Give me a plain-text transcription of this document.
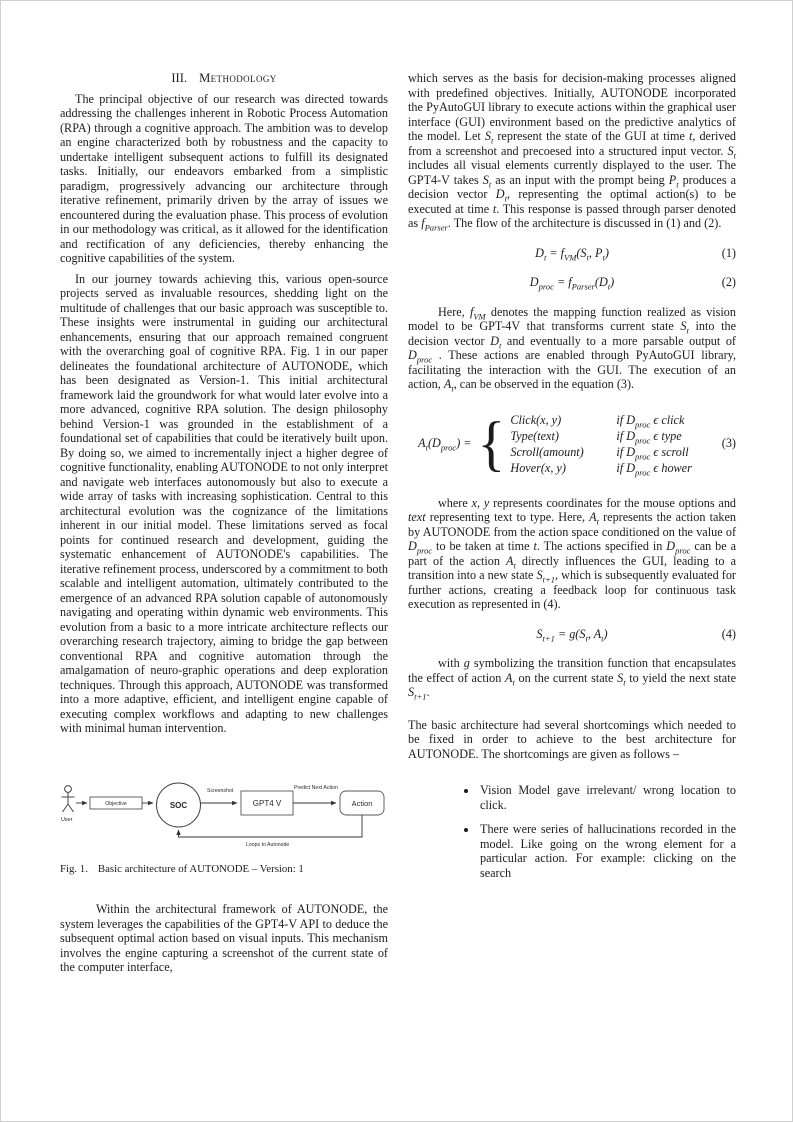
III. Methodology

The principal objective of our research was directed towards addressing the challenges inherent in Robotic Process Automation (RPA) through a cognitive approach. The ambition was to develop an engine characterized both by robustness and the capacity to undertake intelligent subsequent actions to fulfill its designated tasks. Initially, our endeavors embarked from a simplistic paradigm, progressively advancing our architecture through iterative refinement, primarily driven by the array of issues we encountered during the evaluation phase. This process of evolution in our methodology was critical, as it allowed for the identification and rectification of any deficiencies, thereby enhancing the cognitive capabilities of the system.

In our journey towards achieving this, various open-source projects served as invaluable resources, shedding light on the multitude of challenges that our basic approach was susceptible to. These insights were instrumental in guiding our architectural enhancements, ensuring that our approach remained congruent with the overarching goal of cognitive RPA. Fig. 1 in our paper delineates the foundational architecture of AUTONODE, which has been designated as Version-1. This initial architectural framework laid the groundwork for what would later evolve into a more advanced, cognitive RPA solution. The design philosophy behind Version-1 was grounded in the establishment of a foundational set of capabilities that could be iteratively built upon. By doing so, we aimed to incrementally inject a higher degree of cognitive functionality, enabling AUTONODE to not only interpret and navigate web interfaces autonomously but also to execute a wide array of tasks with increasing sophistication. Central to this architectural evolution was the cognizance of the limitations inherent in our initial model. These limitations served as focal points for continued research and development, guiding the systematic enhancement of AUTONODE's capabilities. The iterative refinement process, underscored by a commitment to both scalable and intelligent automation, ultimately contributed to the emergence of an advanced RPA solution capable of autonomously navigating and operating within dynamic web environments. This evolution from a basic to a more intricate architecture reflects our overarching research trajectory, aiming to bridge the gap between conventional RPA and cognitive automation through the amalgamation of neuro-graphic operations and deep exploration techniques. Through this approach, AUTONODE was transformed into a more adaptive, efficient, and intelligent engine capable of executing complex workflows and adapting to new challenges with minimal human intervention.

User
Objective	SOC
Screenshot
GPT4 V
Predict Next Action
Action
Loops to Autonode

Fig. 1. Basic architecture of AUTONODE – Version: 1

Within the architectural framework of AUTONODE, the system leverages the capabilities of the GPT4-V API to deduce the subsequent optimal action based on visual inputs. This mechanism involves the engine capturing a screenshot of the current state of the computer interface,

which serves as the basis for decision-making processes aligned with predefined objectives. Initially, AUTONODE incorporated the PyAutoGUI library to execute actions within the graphical user interface (GUI) environment based on the predictive analytics of the model. Let $S_t$ represent the state of the GUI at time t, derived from a screenshot and precoesed into a structured input vector. $S_t$ includes all visual elements currently displayed to the user. The GPT4-V takes $S_t$ as an input with the prompt being $P_t$ produces a decision vector $D_t$, representing the optimal action(s) to be executed at time t. This response is passed through parser denoted as $f_{Parser}$. The flow of the architecture is discussed in (1) and (2).

$D_t = f_{VM}(S_t$, $P_t$)	(1)
$D_{proc} = f_{Parser}(D_t)$	(2)

Here, $f_{VM}$ denotes the mapping function realized as vision model to be GPT-4V that transforms current state $S_t$ into the decision vector $D_t$ and eventually to a more parsable output of $D_{proc}$ . These actions are enabled through PyAutoGUI library, facilitating the interaction with the GUI. The execution of an action, $A_t$, can be observed in the equation (3).

$A_t(D_{proc})$ = { Click(x, y)	if $D_{proc}$ ϵ click
Type(text)	if $D_{proc}$ ϵ type
Scroll(amount)	if $D_{proc}$ ϵ scroll
Hover(x, y)	if $D_{proc}$ ϵ hower
(3)

where x, y represents coordinates for the mouse options and text representing text to type. Here, $A_t$ represents the action taken by AUTONODE from the action space conditioned on the value of $D_{proc}$ to be taken at time t. The actions specified in $D_{proc}$ can be a part of the action $A_t$ directly influences the GUI, leading to a transition into a new state $S_{t+1}$, which is subsequently evaluated for further actions, creating a feedback loop for continuous task execution as represented in (4).

$S_{t+1} = g(S_t$, $A_t$)	(4)

with g symbolizing the transition function that encapsulates the effect of action $A_t$ on the current state $S_t$ to yield the next state $S_{t+1}$.

The basic architecture had several shortcomings which needed to be fixed in order to achieve to the best architecture for AUTONODE. The shortcomings are given as follows –

• Vision Model gave irrelevant/ wrong location to click.
• There were series of hallucinations recorded in the model. Like going on the wrong element for a particular action. For example: clicking on the search
